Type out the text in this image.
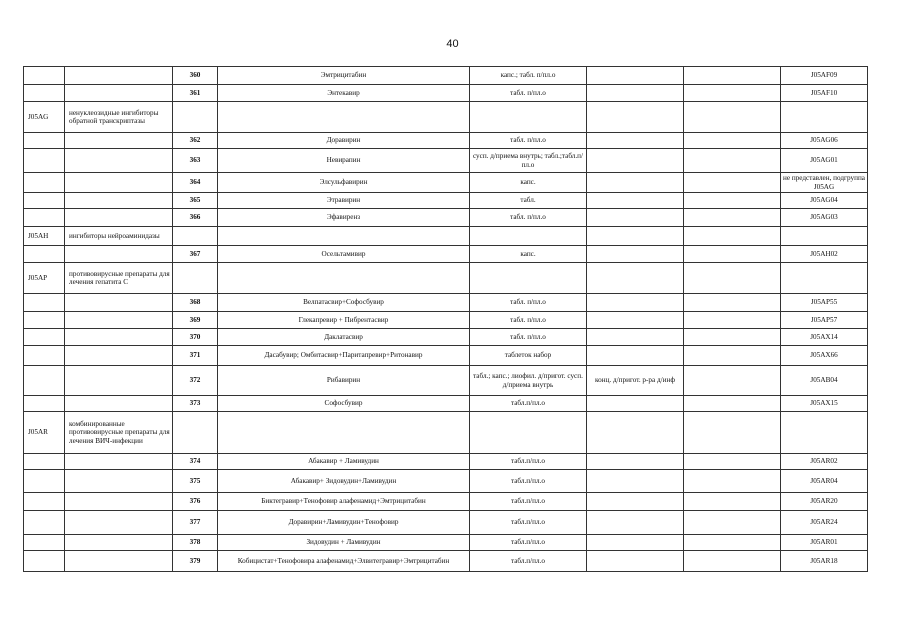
40
		360	Эмтрицитабин	капс.; табл. п/пл.о			J05AF09
		361	Энтекавир	табл. п/пл.о			J05AF10
J05AG	ненуклеозидные ингибиторы обратной транскриптазы						
		362	Доравирин	табл. п/пл.о			J05AG06
		363	Невирапин	сусп. д/приема внутрь; табл.;табл.п/пл.о			J05AG01
		364	Элсульфавирин	капс.			не представлен, подгруппа J05AG
		365	Этравирин	табл.			J05AG04
		366	Эфавиренз	табл. п/пл.о			J05AG03
J05AH	ингибиторы нейроаминидазы						
		367	Осельтамивир	капс.			J05AH02
J05AP	противовирусные препараты для лечения гепатита С						
		368	Велпатасвир+Софосбувир	табл. п/пл.о			J05AP55
		369	Глекапревир + Пибрентасвир	табл. п/пл.о			J05AP57
		370	Даклатасвир	табл. п/пл.о			J05AX14
		371	Дасабувир; Омбитасвир+Паритапревир+Ритонавир	таблеток набор			J05AX66
		372	Рибавирин	табл.; капс.; лиофил. д/пригот. сусп. д/приема внутрь	конц. д/пригот. р-ра д/инф		J05AB04
		373	Софосбувир	табл.п/пл.о			J05AX15
J05AR	комбинированные противовирусные препараты для лечения ВИЧ-инфекции						
		374	Абакавир + Ламивудин	табл.п/пл.о			J05AR02
		375	Абакавир+ Зидовудин+Ламивудин	табл.п/пл.о			J05AR04
		376	Биктегравир+Тенофовир алафенамид+Эмтрицитабин	табл.п/пл.о			J05AR20
		377	Доравирин+Ламивудин+Тенофовир	табл.п/пл.о			J05AR24
		378	Зидовудин + Ламивудин	табл.п/пл.о			J05AR01
		379	Кобицистат+Тенофовира алафенамид+Элвитегравир+Эмтрицитабин	табл.п/пл.о			J05AR18
